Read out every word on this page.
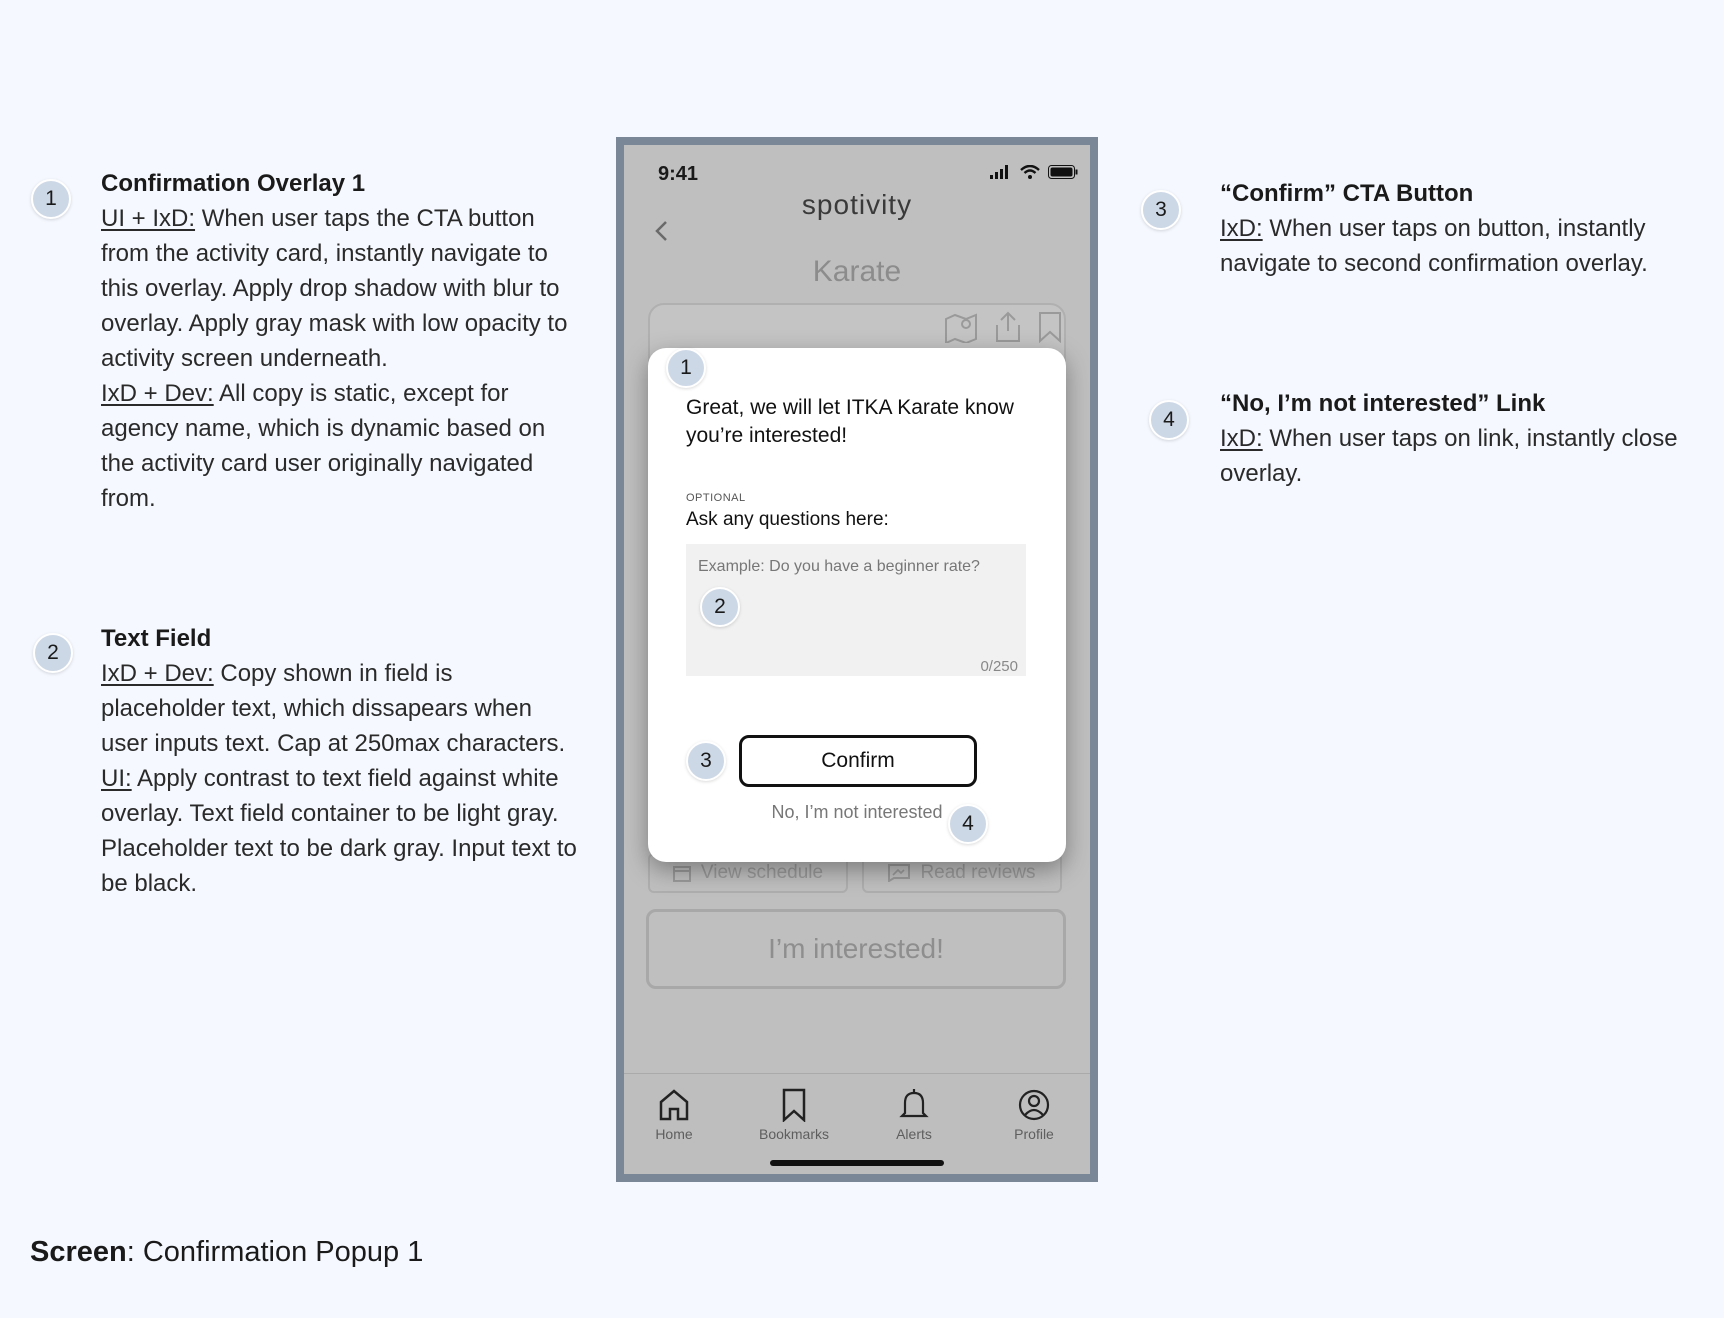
1

Confirmation Overlay 1

UI + IxD: When user taps the CTA button from the activity card, instantly navigate to this overlay. Apply drop shadow with blur to overlay. Apply gray mask with low opacity to activity screen underneath.

IxD + Dev: All copy is static, except for agency name, which is dynamic based on the activity card user originally navigated from.

2

Text Field

IxD + Dev: Copy shown in field is placeholder text, which dissapears when user inputs text. Cap at 250max characters.

UI: Apply contrast to text field against white overlay. Text field container to be light gray. Placeholder text to be dark gray. Input text to be black.

3

“Confirm” CTA Button

IxD: When user taps on button, instantly navigate to second confirmation overlay.

4

“No, I’m not interested” Link

IxD: When user taps on link, instantly close overlay.

9:41
spotivity
Karate
View schedule	Read reviews
I’m interested!
Home	Bookmarks	Alerts	Profile
1
Great, we will let ITKA Karate know you’re interested!
OPTIONAL
Ask any questions here:
Example: Do you have a beginner rate?
2
0/250
3	Confirm
No, I’m not interested 4
Screen: Confirmation Popup 1
